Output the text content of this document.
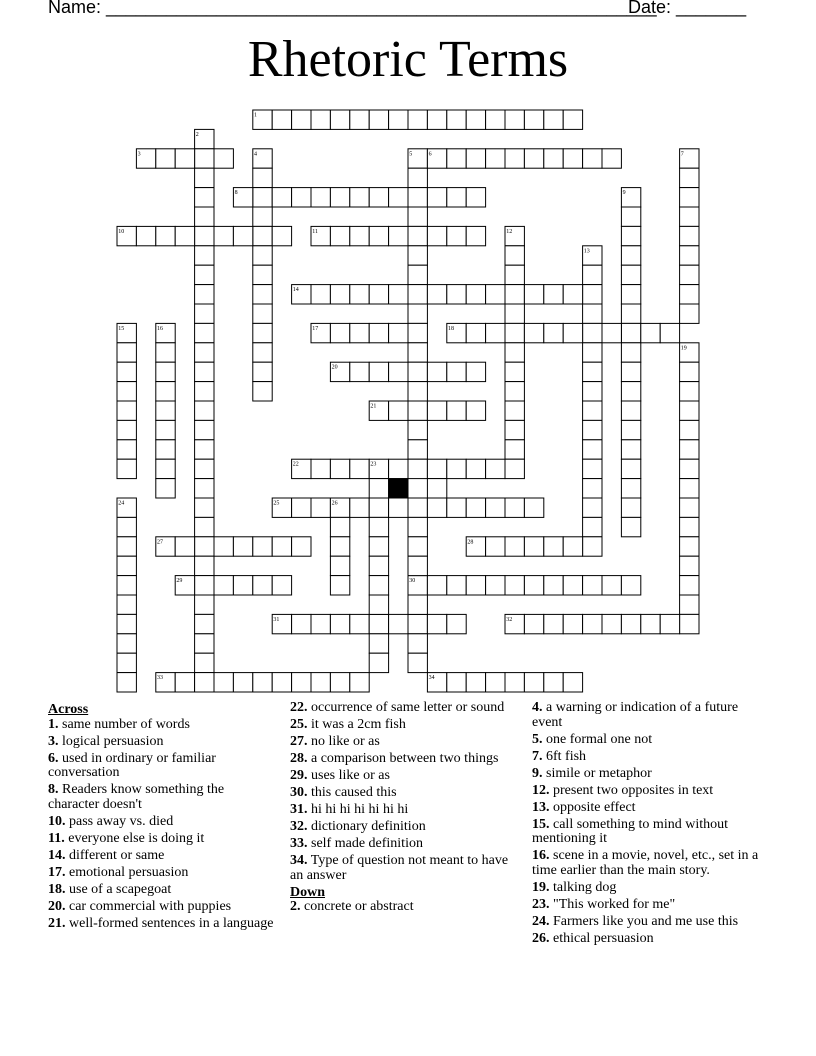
Name: _______________________________________________________
Date: _______
Rhetoric Terms
1
2
3	4	5	6	7
8	9
10	11	12
13
14
15	16	17	18
19
20
21
22	23
24	25	26
27	28
29	30
31	32
33	34
Across
1. same number of words
3. logical persuasion
6. used in ordinary or familiar conversation
8. Readers know something the character doesn't
10. pass away vs. died
11. everyone else is doing it
14. different or same
17. emotional persuasion
18. use of a scapegoat
20. car commercial with puppies
21. well-formed sentences in a language
22. occurrence of same letter or sound
25. it was a 2cm fish
27. no like or as
28. a comparison between two things
29. uses like or as
30. this caused this
31. hi hi hi hi hi hi hi
32. dictionary definition
33. self made definition
34. Type of question not meant to have an answer
Down
2. concrete or abstract
4. a warning or indication of a future event
5. one formal one not
7. 6ft fish
9. simile or metaphor
12. present two opposites in text
13. opposite effect
15. call something to mind without mentioning it
16. scene in a movie, novel, etc., set in a time earlier than the main story.
19. talking dog
23. "This worked for me"
24. Farmers like you and me use this
26. ethical persuasion
